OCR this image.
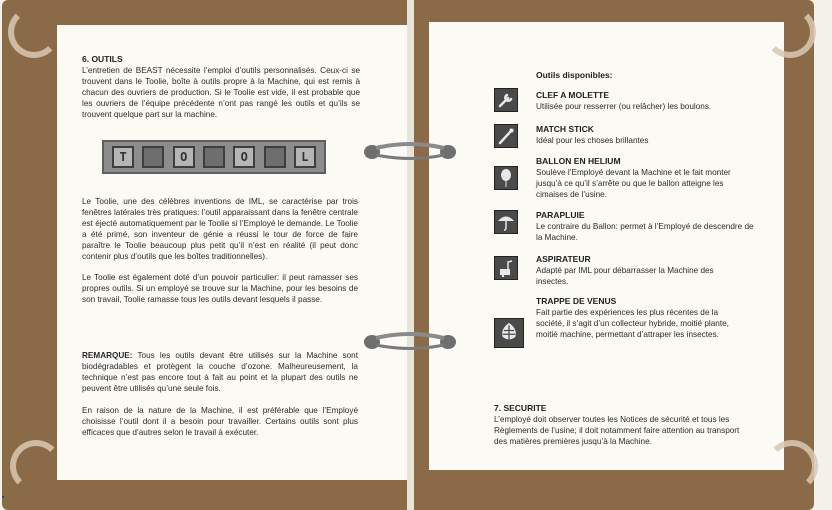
6. OUTILS
L’entretien de BEAST nécessite l’emploi d’outils personnalisés. Ceux-ci se trouvent dans le Toolie, boîte à outils propre à la Machine, qui est remis à chacun des ouvriers de production. Si le Toolie est vide, il est probable que les ouvriers de l’équipe précédente n’ont pas rangé les outils et qu’ils se trouvent quelque part sur la machine.
T	O	O	L
Le Toolie, une des célèbres inventions de IML, se caractérise par trois fenêtres latérales très pratiques: l’outil apparaissant dans la fenêtre centrale est éjecté automatiquement par le Toolie si l’Employé le demande. Le Toolie a été primé, son inventeur de génie a réussi le tour de force de faire paraître le Toolie beaucoup plus petit qu’il n’est en réalité (il peut donc contenir plus d’outils que les boîtes traditionnelles).
Le Toolie est également doté d’un pouvoir particulier: il peut ramasser ses propres outils. Si un employé se trouve sur la Machine, pour les besoins de son travail, Toolie ramasse tous les outils devant lesquels il passe.
REMARQUE: Tous les outils devant être utilisés sur la Machine sont biodégradables et protègent la couche d’ozone. Malheureusement, la technique n’est pas encore tout à fait au point et la plupart des outils ne peuvent être utilisés qu’une seule fois.
En raison de la nature de la Machine, il est préférable que l’Employé choisisse l’outil dont il a besoin pour travailler. Certains outils sont plus efficaces que d’autres selon le travail à exécuter.
Outils disponibles:
CLEF A MOLETTE
Utilisée pour resserrer (ou relâcher) les boulons.
MATCH STICK
Idéal pour les choses brillantes
BALLON EN HELIUM
Soulève l’Employé devant la Machine et le fait monter jusqu’à ce qu’il s’arrête ou que le ballon atteigne les cimaises de l’usine.
PARAPLUIE
Le contraire du Ballon: permet à l’Employé de descendre de la Machine.
ASPIRATEUR
Adapté par IML pour débarrasser la Machine des insectes.
TRAPPE DE VENUS
Fait partie des expériences les plus récentes de la société, il s’agit d’un collecteur hybride, moitié plante, moitié machine, permettant d’attraper les insectes.
7. SECURITE
L’employé doit observer toutes les Notices de sécurité et tous les Règlements de l’usine; il doit notamment faire attention au transport des matières premières jusqu’à la Machine.
